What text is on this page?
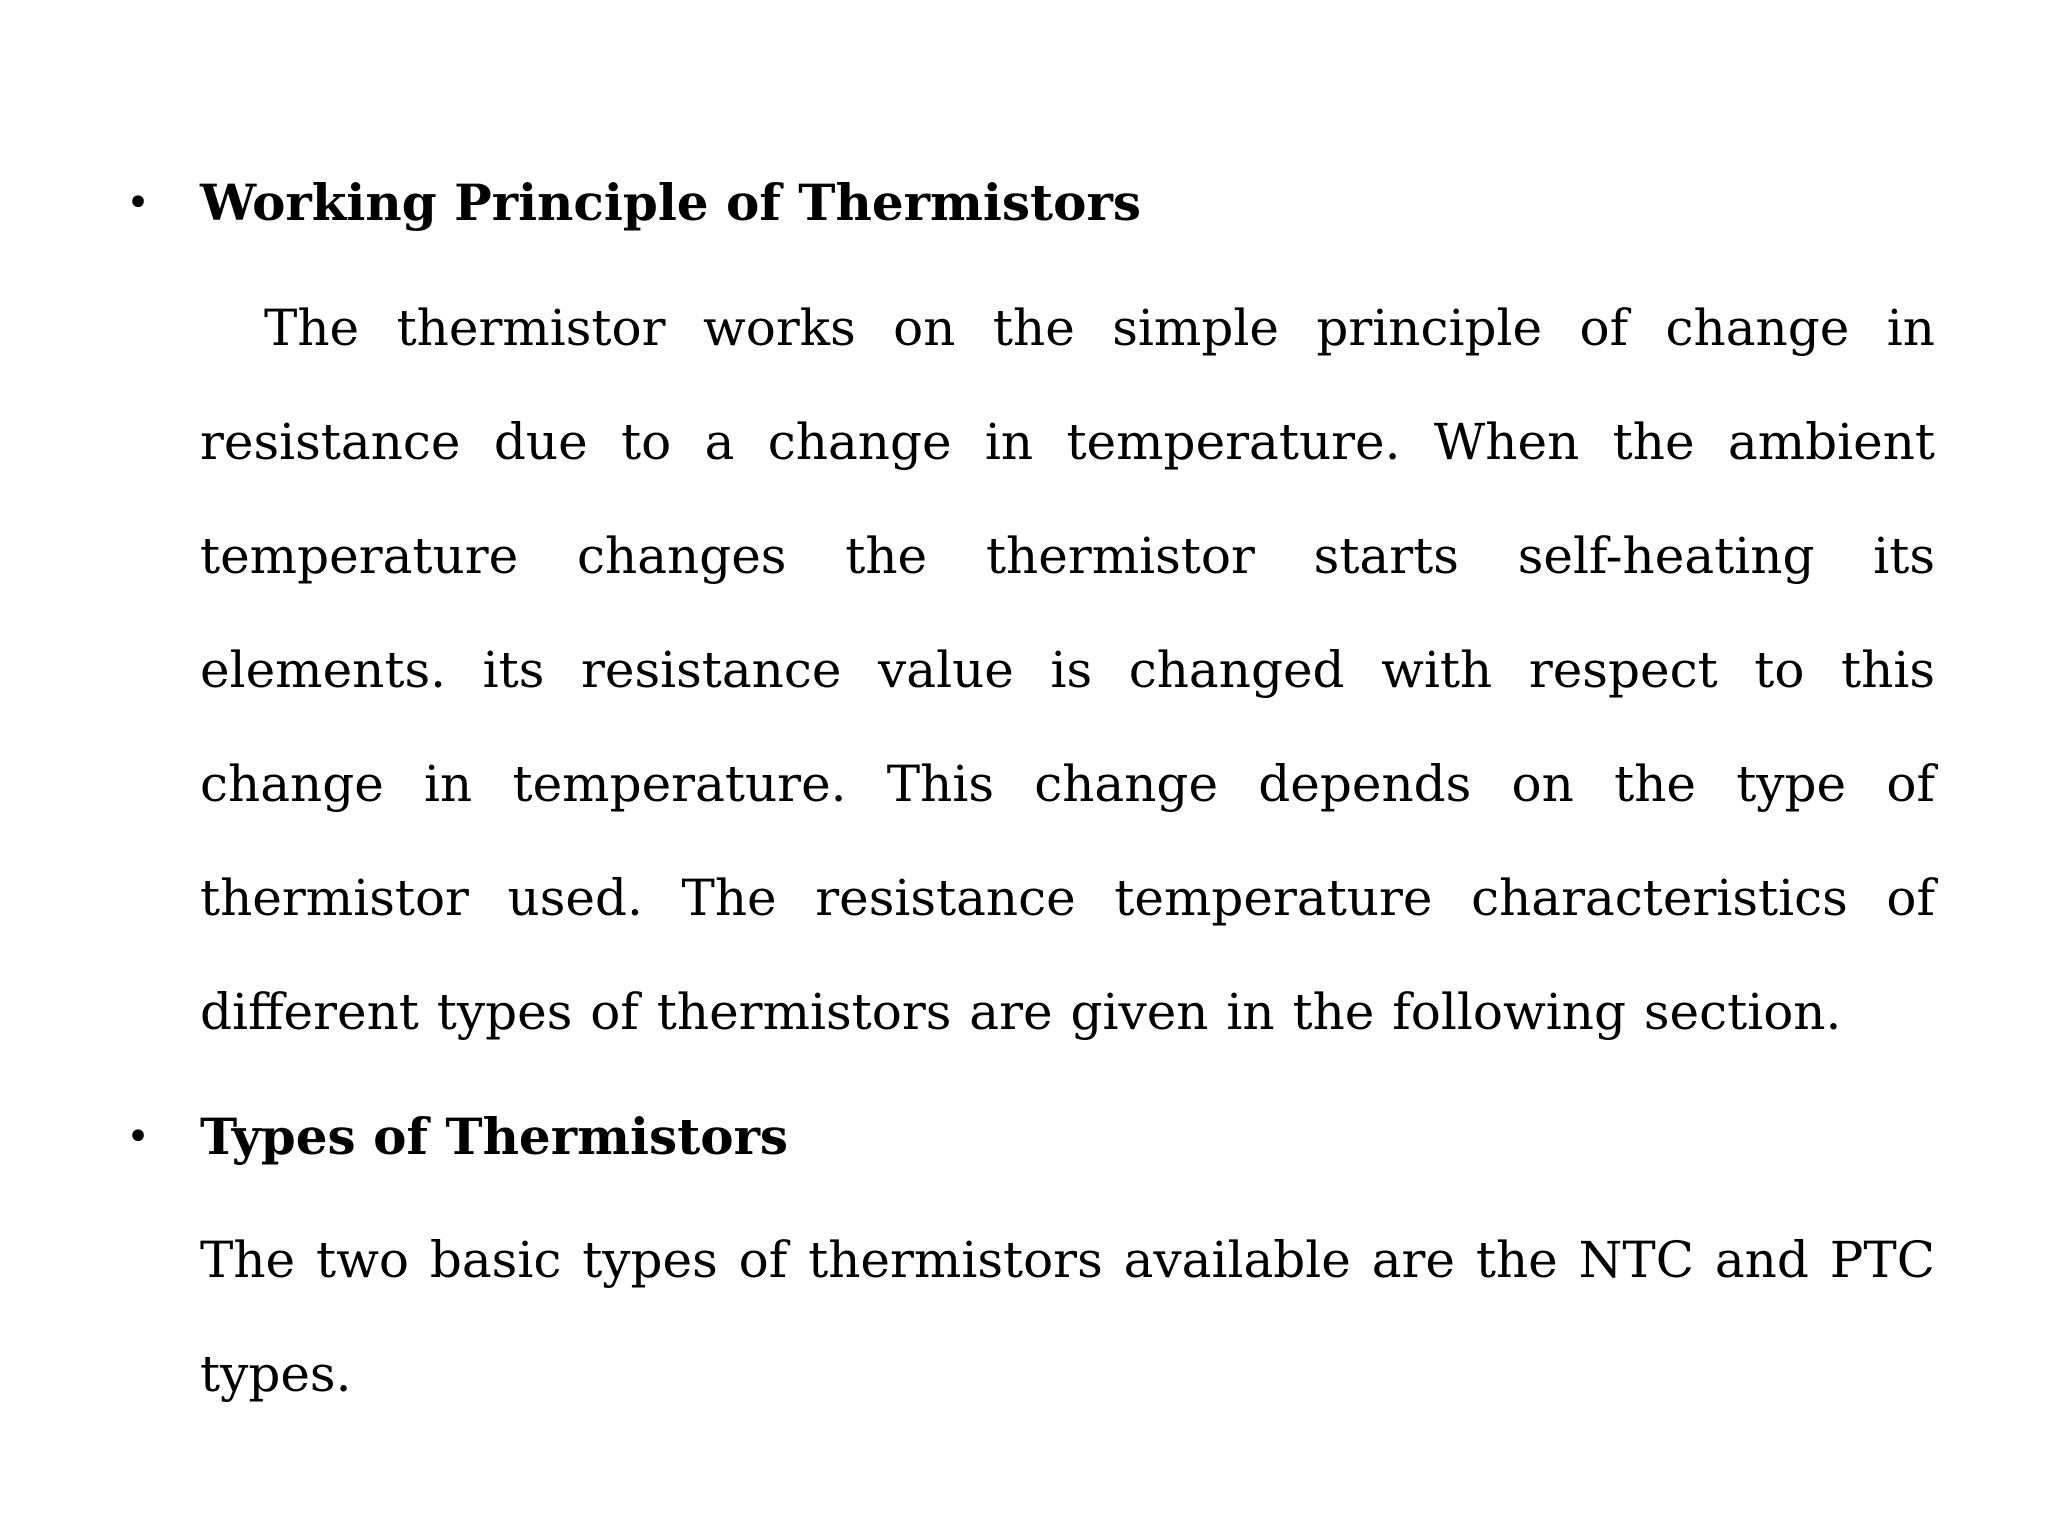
• Working Principle of Thermistors

The thermistor works on the simple principle of change in resistance due to a change in temperature. When the ambient temperature changes the thermistor starts self-heating its elements. its resistance value is changed with respect to this change in temperature. This change depends on the type of thermistor used. The resistance temperature characteristics of different types of thermistors are given in the following section.

• Types of Thermistors

The two basic types of thermistors available are the NTC and PTC types.
